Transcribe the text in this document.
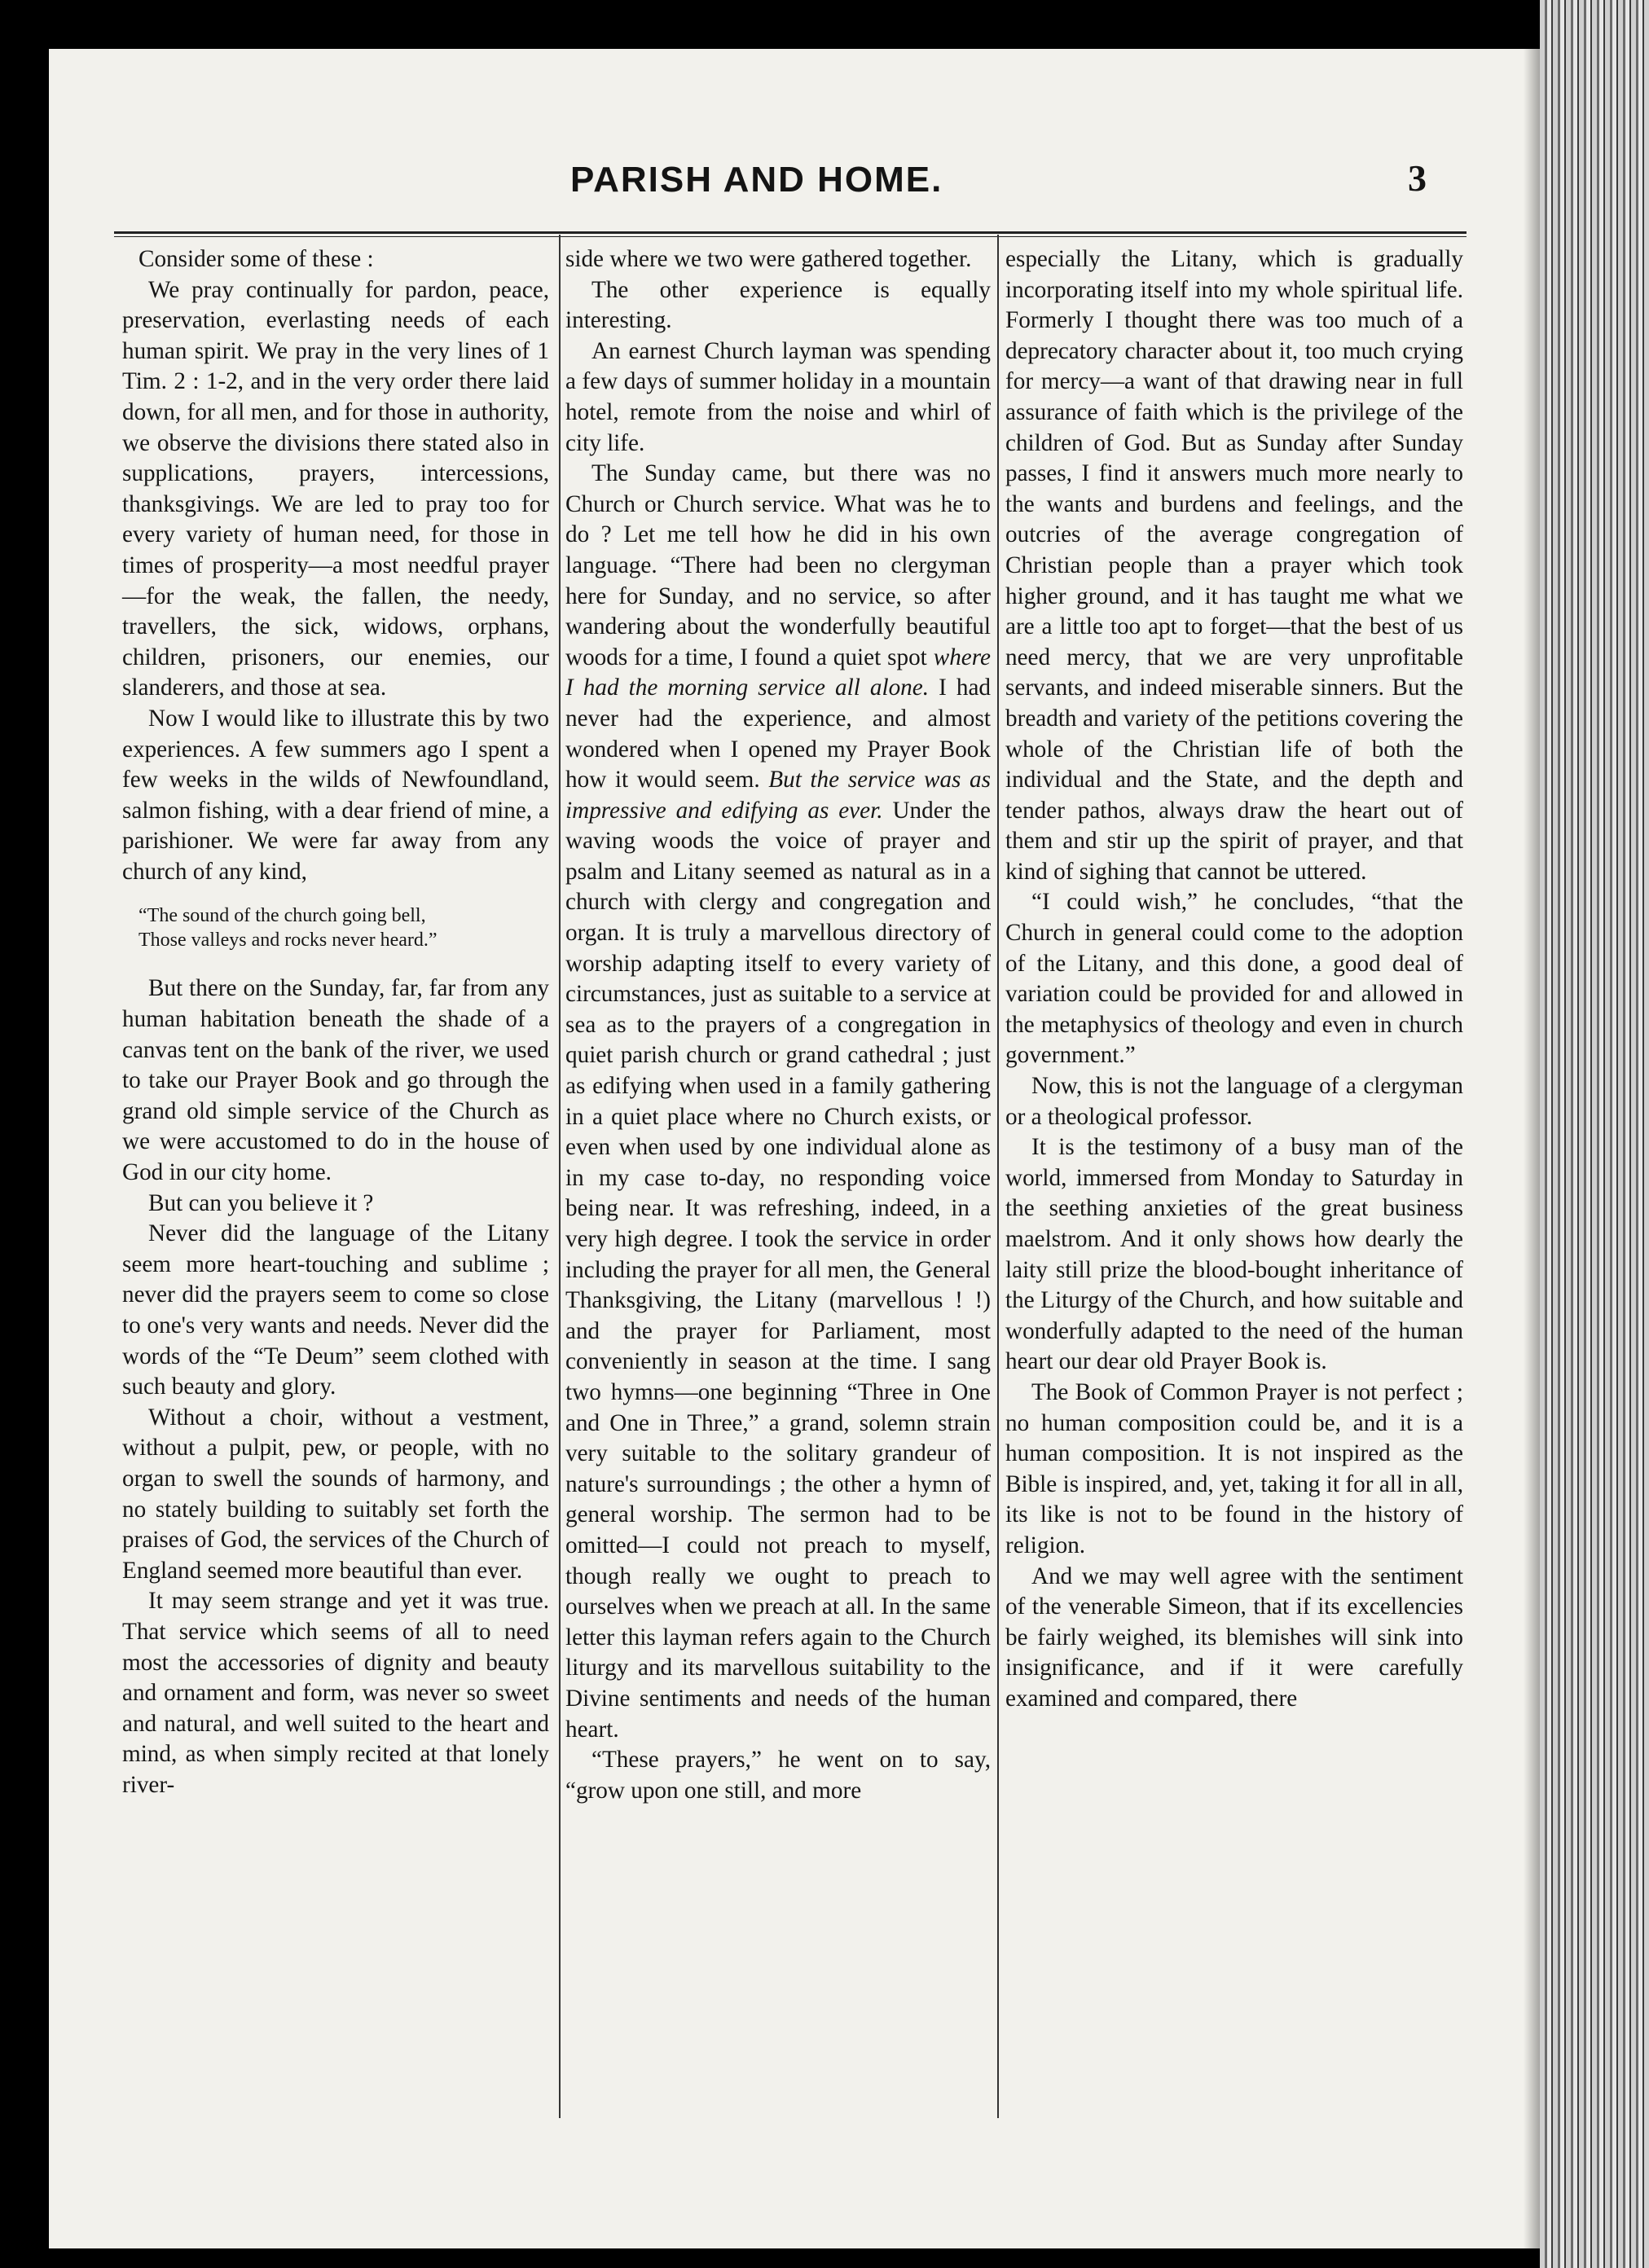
PARISH AND HOME.	3

Consider some of these :

We pray continually for pardon, peace, preservation, everlasting needs of each human spirit. We pray in the very lines of 1 Tim. 2 : 1-2, and in the very order there laid down, for all men, and for those in authority, we observe the divisions there stated also in supplications, prayers, intercessions, thanksgivings. We are led to pray too for every variety of human need, for those in times of prosperity—a most needful prayer—for the weak, the fallen, the needy, travellers, the sick, widows, orphans, children, prisoners, our enemies, our slanderers, and those at sea.

Now I would like to illustrate this by two experiences. A few summers ago I spent a few weeks in the wilds of Newfoundland, salmon fishing, with a dear friend of mine, a parishioner. We were far away from any church of any kind,

“The sound of the church going bell,
Those valleys and rocks never heard.”

But there on the Sunday, far, far from any human habitation beneath the shade of a canvas tent on the bank of the river, we used to take our Prayer Book and go through the grand old simple service of the Church as we were accustomed to do in the house of God in our city home.

But can you believe it ?

Never did the language of the Litany seem more heart-touching and sublime ; never did the prayers seem to come so close to one's very wants and needs. Never did the words of the “Te Deum” seem clothed with such beauty and glory.

Without a choir, without a vestment, without a pulpit, pew, or people, with no organ to swell the sounds of harmony, and no stately building to suitably set forth the praises of God, the services of the Church of England seemed more beautiful than ever.

It may seem strange and yet it was true. That service which seems of all to need most the accessories of dignity and beauty and ornament and form, was never so sweet and natural, and well suited to the heart and mind, as when simply recited at that lonely river-

side where we two were gathered together.

The other experience is equally interesting.

An earnest Church layman was spending a few days of summer holiday in a mountain hotel, remote from the noise and whirl of city life.

The Sunday came, but there was no Church or Church service. What was he to do ? Let me tell how he did in his own language. “There had been no clergyman here for Sunday, and no service, so after wandering about the wonderfully beautiful woods for a time, I found a quiet spot where I had the morning service all alone. I had never had the experience, and almost wondered when I opened my Prayer Book how it would seem. But the service was as impressive and edifying as ever. Under the waving woods the voice of prayer and psalm and Litany seemed as natural as in a church with clergy and congregation and organ. It is truly a marvellous directory of worship adapting itself to every variety of circumstances, just as suitable to a service at sea as to the prayers of a congregation in quiet parish church or grand cathedral ; just as edifying when used in a family gathering in a quiet place where no Church exists, or even when used by one individual alone as in my case to-day, no responding voice being near. It was refreshing, indeed, in a very high degree. I took the service in order including the prayer for all men, the General Thanksgiving, the Litany (marvellous ! !) and the prayer for Parliament, most conveniently in season at the time. I sang two hymns—one beginning “Three in One and One in Three,” a grand, solemn strain very suitable to the solitary grandeur of nature's surroundings ; the other a hymn of general worship. The sermon had to be omitted—I could not preach to myself, though really we ought to preach to ourselves when we preach at all. In the same letter this layman refers again to the Church liturgy and its marvellous suitability to the Divine sentiments and needs of the human heart.

“These prayers,” he went on to say, “grow upon one still, and more

especially the Litany, which is gradually incorporating itself into my whole spiritual life. Formerly I thought there was too much of a deprecatory character about it, too much crying for mercy—a want of that drawing near in full assurance of faith which is the privilege of the children of God. But as Sunday after Sunday passes, I find it answers much more nearly to the wants and burdens and feelings, and the outcries of the average congregation of Christian people than a prayer which took higher ground, and it has taught me what we are a little too apt to forget—that the best of us need mercy, that we are very unprofitable servants, and indeed miserable sinners. But the breadth and variety of the petitions covering the whole of the Christian life of both the individual and the State, and the depth and tender pathos, always draw the heart out of them and stir up the spirit of prayer, and that kind of sighing that cannot be uttered.

“I could wish,” he concludes, “that the Church in general could come to the adoption of the Litany, and this done, a good deal of variation could be provided for and allowed in the metaphysics of theology and even in church government.”

Now, this is not the language of a clergyman or a theological professor.

It is the testimony of a busy man of the world, immersed from Monday to Saturday in the seething anxieties of the great business maelstrom. And it only shows how dearly the laity still prize the blood-bought inheritance of the Liturgy of the Church, and how suitable and wonderfully adapted to the need of the human heart our dear old Prayer Book is.

The Book of Common Prayer is not perfect ; no human composition could be, and it is a human composition. It is not inspired as the Bible is inspired, and, yet, taking it for all in all, its like is not to be found in the history of religion.

And we may well agree with the sentiment of the venerable Simeon, that if its excellencies be fairly weighed, its blemishes will sink into insignificance, and if it were carefully examined and compared, there
